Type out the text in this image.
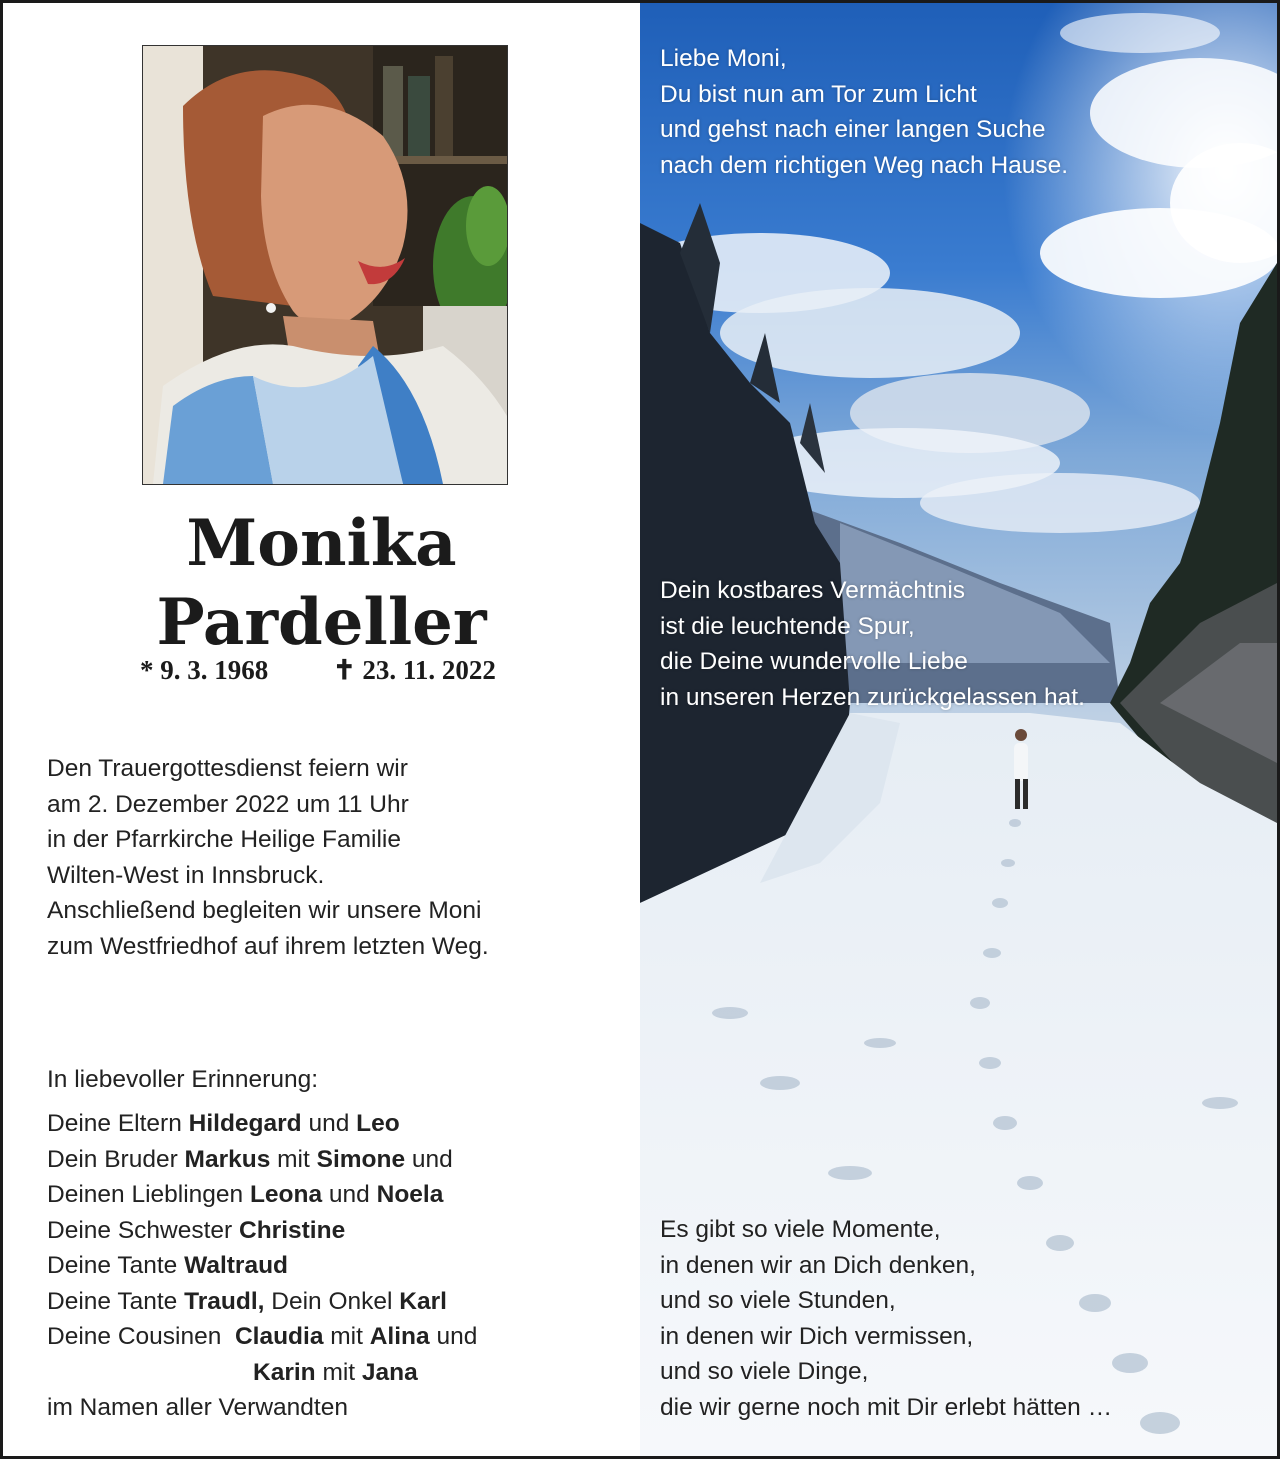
Monika
Pardeller
* 9. 3. 1968 ✝ 23. 11. 2022
Den Trauergottesdienst feiern wir
am 2. Dezember 2022 um 11 Uhr
in der Pfarrkirche Heilige Familie
Wilten-West in Innsbruck.
Anschließend begleiten wir unsere Moni
zum Westfriedhof auf ihrem letzten Weg.
In liebevoller Erinnerung:
Deine Eltern Hildegard und Leo
Dein Bruder Markus mit Simone und
Deinen Lieblingen Leona und Noela
Deine Schwester Christine
Deine Tante Waltraud
Deine Tante Traudl, Dein Onkel Karl
Deine Cousinen  Claudia mit Alina und
Karin mit Jana
im Namen aller Verwandten
Liebe Moni,
Du bist nun am Tor zum Licht
und gehst nach einer langen Suche
nach dem richtigen Weg nach Hause.
Dein kostbares Vermächtnis
ist die leuchtende Spur,
die Deine wundervolle Liebe
in unseren Herzen zurückgelassen hat.
Es gibt so viele Momente,
in denen wir an Dich denken,
und so viele Stunden,
in denen wir Dich vermissen,
und so viele Dinge,
die wir gerne noch mit Dir erlebt hätten …
